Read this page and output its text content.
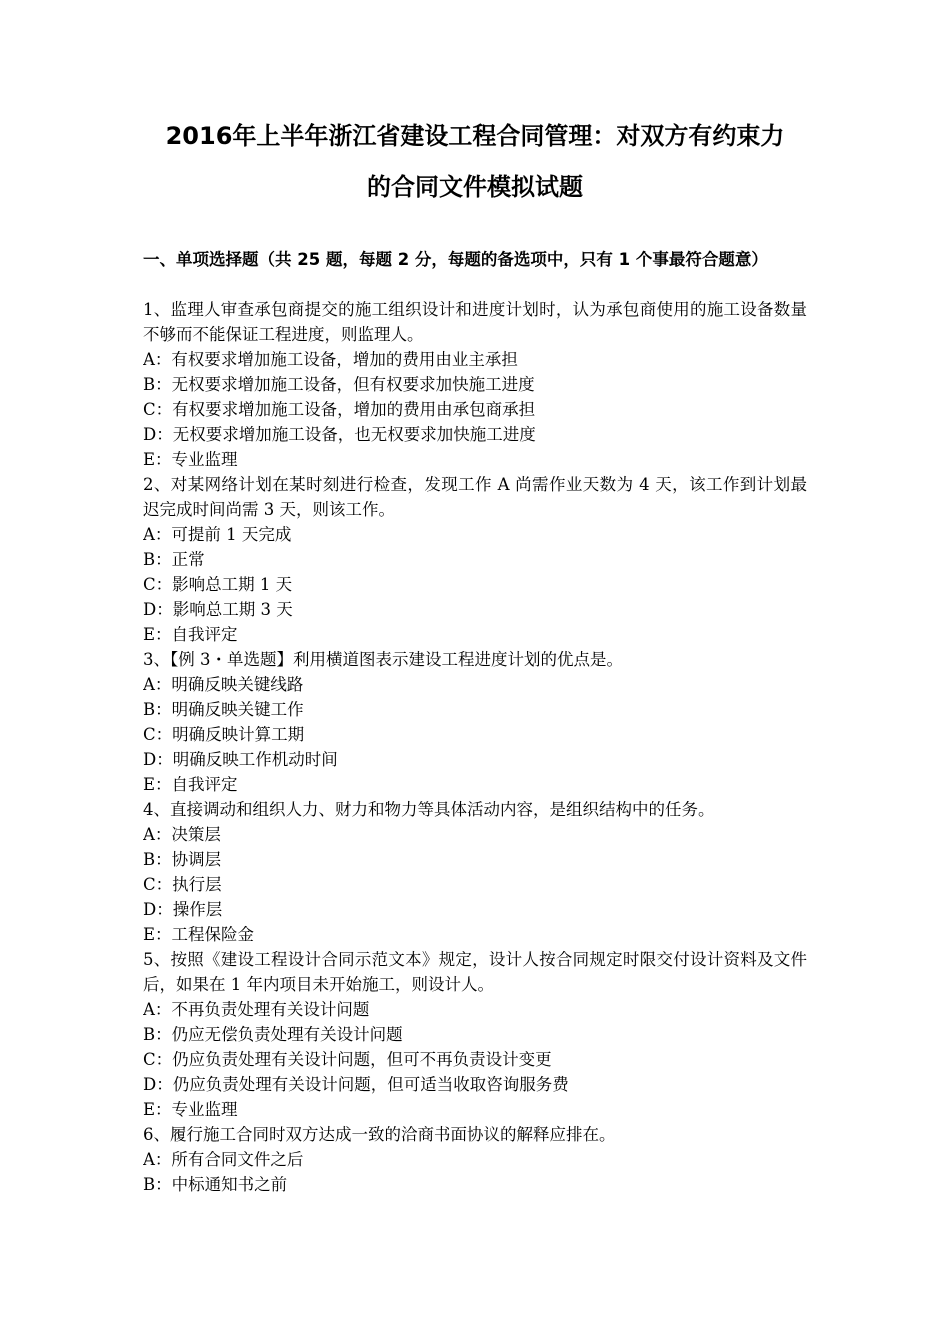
2016年上半年浙江省建设工程合同管理：对双方有约束力
的合同文件模拟试题
一、单项选择题（共 25 题，每题 2 分，每题的备选项中，只有 1 个事最符合题意）

1、监理人审查承包商提交的施工组织设计和进度计划时，认为承包商使用的施工设备数量不够而不能保证工程进度，则监理人。

A：有权要求增加施工设备，增加的费用由业主承担

B：无权要求增加施工设备，但有权要求加快施工进度

C：有权要求增加施工设备，增加的费用由承包商承担

D：无权要求增加施工设备，也无权要求加快施工进度

E：专业监理

2、对某网络计划在某时刻进行检查，发现工作 A 尚需作业天数为 4 天，该工作到计划最迟完成时间尚需 3 天，则该工作。

A：可提前 1 天完成

B：正常

C：影响总工期 1 天

D：影响总工期 3 天

E：自我评定

3、【例 3・单选题】利用横道图表示建设工程进度计划的优点是。

A：明确反映关键线路

B：明确反映关键工作

C：明确反映计算工期

D：明确反映工作机动时间

E：自我评定

4、直接调动和组织人力、财力和物力等具体活动内容，是组织结构中的任务。

A：决策层

B：协调层

C：执行层

D：操作层

E：工程保险金

5、按照《建设工程设计合同示范文本》规定，设计人按合同规定时限交付设计资料及文件后，如果在 1 年内项目未开始施工，则设计人。

A：不再负责处理有关设计问题

B：仍应无偿负责处理有关设计问题

C：仍应负责处理有关设计问题，但可不再负责设计变更

D：仍应负责处理有关设计问题，但可适当收取咨询服务费

E：专业监理

6、履行施工合同时双方达成一致的洽商书面协议的解释应排在。

A：所有合同文件之后

B：中标通知书之前
